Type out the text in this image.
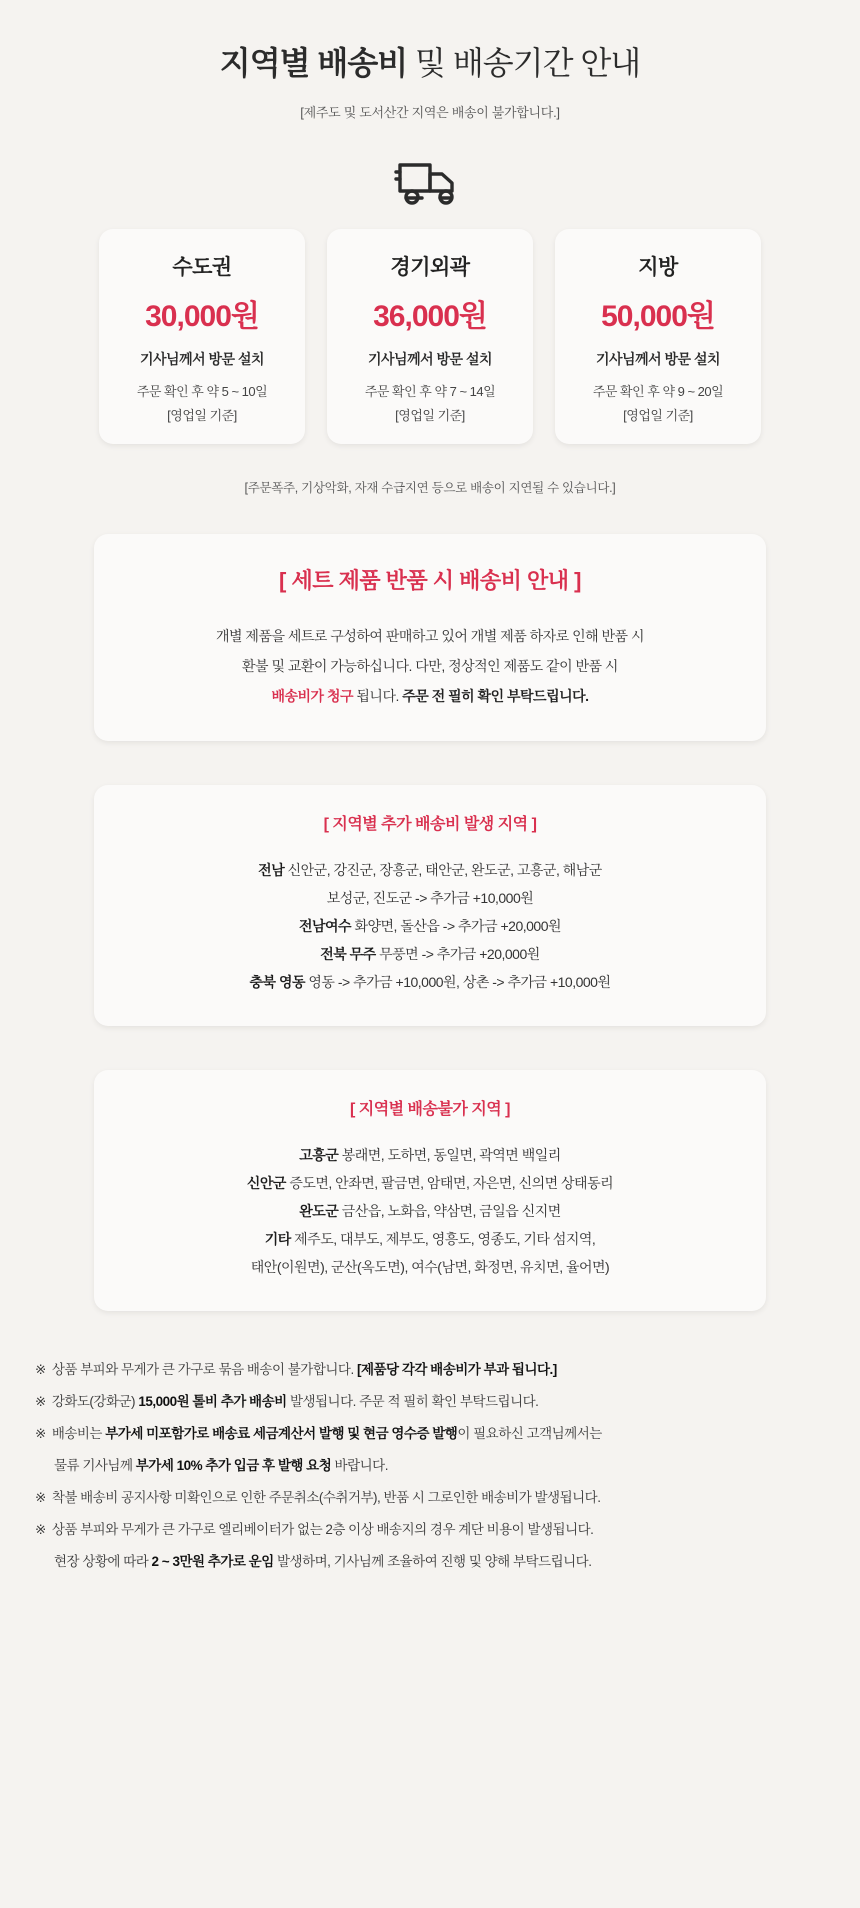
지역별 배송비 및 배송기간 안내
[제주도 및 도서산간 지역은 배송이 불가합니다.]
수도권
30,000원
기사님께서 방문 설치
주문 확인 후 약 5 ~ 10일
[영업일 기준]
경기외곽
36,000원
기사님께서 방문 설치
주문 확인 후 약 7 ~ 14일
[영업일 기준]
지방
50,000원
기사님께서 방문 설치
주문 확인 후 약 9 ~ 20일
[영업일 기준]
[주문폭주, 기상악화, 자재 수급지연 등으로 배송이 지연될 수 있습니다.]
[ 세트 제품 반품 시 배송비 안내 ]
개별 제품을 세트로 구성하여 판매하고 있어 개별 제품 하자로 인해 반품 시
환불 및 교환이 가능하십니다. 다만, 정상적인 제품도 같이 반품 시
배송비가 청구 됩니다. 주문 전 필히 확인 부탁드립니다.
[ 지역별 추가 배송비 발생 지역 ]
전남 신안군, 강진군, 장흥군, 태안군, 완도군, 고흥군, 해남군
보성군, 진도군 -> 추가금 +10,000원
전남여수 화양면, 돌산읍 -> 추가금 +20,000원
전북 무주 무풍면 -> 추가금 +20,000원
충북 영동 영동 -> 추가금 +10,000원, 상촌 -> 추가금 +10,000원
[ 지역별 배송불가 지역 ]
고흥군 봉래면, 도하면, 동일면, 곽역면 백일리
신안군 증도면, 안좌면, 팔금면, 암태면, 자은면, 신의면 상태동리
완도군 금산읍, 노화읍, 약삼면, 금일읍 신지면
기타 제주도, 대부도, 제부도, 영흥도, 영종도, 기타 섬지역,
태안(이원면), 군산(옥도면), 여수(남면, 화정면, 유치면, 율어면)
※ 상품 부피와 무게가 큰 가구로 묶음 배송이 불가합니다. [제품당 각각 배송비가 부과 됩니다.]
※ 강화도(강화군) 15,000원 톨비 추가 배송비 발생됩니다. 주문 적 필히 확인 부탁드립니다.
※ 배송비는 부가세 미포함가로 배송료 세금계산서 발행 및 현금 영수증 발행이 필요하신 고객님께서는
물류 기사님께 부가세 10% 추가 입금 후 발행 요청 바랍니다.
※ 착불 배송비 공지사항 미확인으로 인한 주문취소(수취거부), 반품 시 그로인한 배송비가 발생됩니다.
※ 상품 부피와 무게가 큰 가구로 엘리베이터가 없는 2층 이상 배송지의 경우 계단 비용이 발생됩니다.
현장 상황에 따라 2 ~ 3만원 추가로 운임 발생하며, 기사님께 조율하여 진행 및 양해 부탁드립니다.
